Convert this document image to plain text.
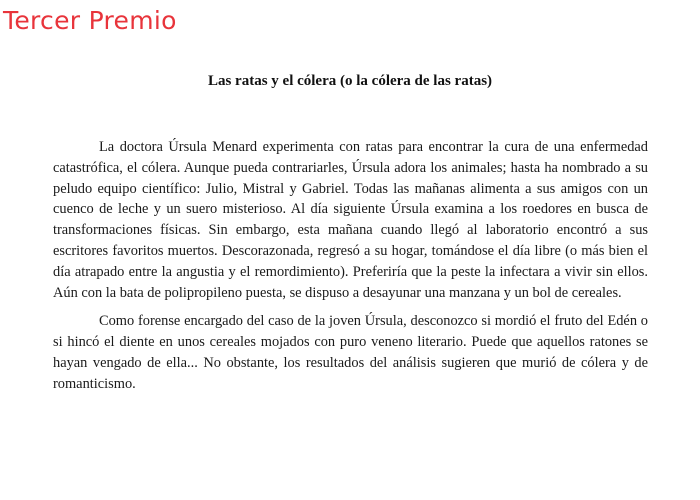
Tercer Premio
Las ratas y el cólera (o la cólera de las ratas)

La doctora Úrsula Menard experimenta con ratas para encontrar la cura de una enfermedad catastrófica, el cólera. Aunque pueda contrariarles, Úrsula adora los animales; hasta ha nombrado a su peludo equipo científico: Julio, Mistral y Gabriel. Todas las mañanas alimenta a sus amigos con un cuenco de leche y un suero misterioso. Al día siguiente Úrsula examina a los roedores en busca de transformaciones físicas. Sin embargo, esta mañana cuando llegó al laboratorio encontró a sus escritores favoritos muertos. Descorazonada, regresó a su hogar, tomándose el día libre (o más bien el día atrapado entre la angustia y el remordimiento). Preferiría que la peste la infectara a vivir sin ellos. Aún con la bata de polipropileno puesta, se dispuso a desayunar una manzana y un bol de cereales.

Como forense encargado del caso de la joven Úrsula, desconozco si mordió el fruto del Edén o si hincó el diente en unos cereales mojados con puro veneno literario. Puede que aquellos ratones se hayan vengado de ella... No obstante, los resultados del análisis sugieren que murió de cólera y de romanticismo.
